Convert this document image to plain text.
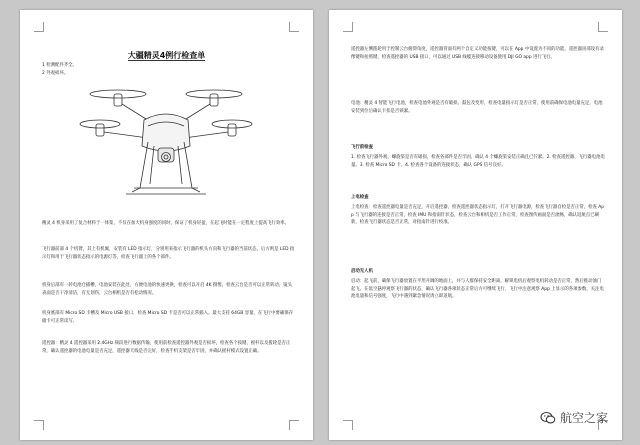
大疆精灵4例行检查单
1 检测配件齐全。
2 外观损坏。
精灵 4 机身采用了复合材料于一体桨，不仅在加大机身强度的同时，保证了机身轻盈，在起飞时能在一定程度上提高飞行效率。
飞行器前部 4 个机臂，其上有机翼，安装有 LED 指示灯，分别用来指示飞行器的机头方向和飞行器的当前状态，后方则是 LED 指示灯和用于飞行器状态指示的电源灯等，检查飞行器上的各个部件。
机身后部有一转电池仓插槽，电池安装在此处，方便电池的快速更换，检查可以开启 4K 摄像，检查云台是否可以正常转动，镜头表面是否干净清洁，有无划伤，云台相机是否有松动情况。
机身底部有 Micro SD 卡槽及 Micro USB 接口，检查 Micro SD 卡是否可以正常插入。最大支持 64GB 容量，在飞行中要确保存储卡可正常读写。
遥控器：精灵 4 遥控器采用 2.4GHz 频段进行数据传输，使用前检查遥控器外观是否损坏，检查各个按键、摇杆以及拨轮是否正常，确认遥控器的电池电量是否充足，遥控器天线是否完好，检查手机支架是否牢固，并确认摇杆模式设置正确。
遥控器左侧拨轮用于控制云台俯仰角度，遥控器背面有两个自定义功能按键，可以在 App 中设置为不同的功能，遥控器顶部设有录像键和拍照键，检查遥控器的 USB 接口，可以通过 USB 线缆连接移动设备使用 DJI GO app 进行飞行。
电池：精灵 4 智能飞行电池，检查电池外观是否有破损、鼓包及变形，检查电量指示灯是否正常，使用前确保电池电量充足，电池安装到位后确认卡扣是否锁紧。
飞行前检查
1. 检查飞行器外观，螺旋桨是否有破损，检查各部件是否牢固，确认 4 个螺旋桨安装正确且已拧紧。2. 检查遥控器、飞行器电池电量。3. 检查 Micro SD 卡。4. 检查各个设备的连接状态，确认 GPS 信号良好。
上电检查
上电检查：检查遥控器电量是否充足，开启遥控器，检查遥控器状态指示灯，打开飞行器电源，检查飞行器自检是否正常，检查 App 与飞行器的连接是否正常，检查 IMU 和指南针状态，检查云台和相机是否工作正常，检查图传画面是否流畅，确认返航点已刷新，检查飞行器状态是否正常，对指南针进行校准。
启动无人机
启动：起飞前，确保飞行器放置在平坦开阔的地面上，并与人群保持安全距离，解锁电机后观察电机转动是否正常，然后推动油门起飞，在低空悬停观察飞行器的状态，确认飞行器各项状态正常后方可继续飞行，飞行中注意观察 App 上显示的各项参数，关注电池电量和信号强度，飞行中遇到紧急情况请立即返航。
航空之家
